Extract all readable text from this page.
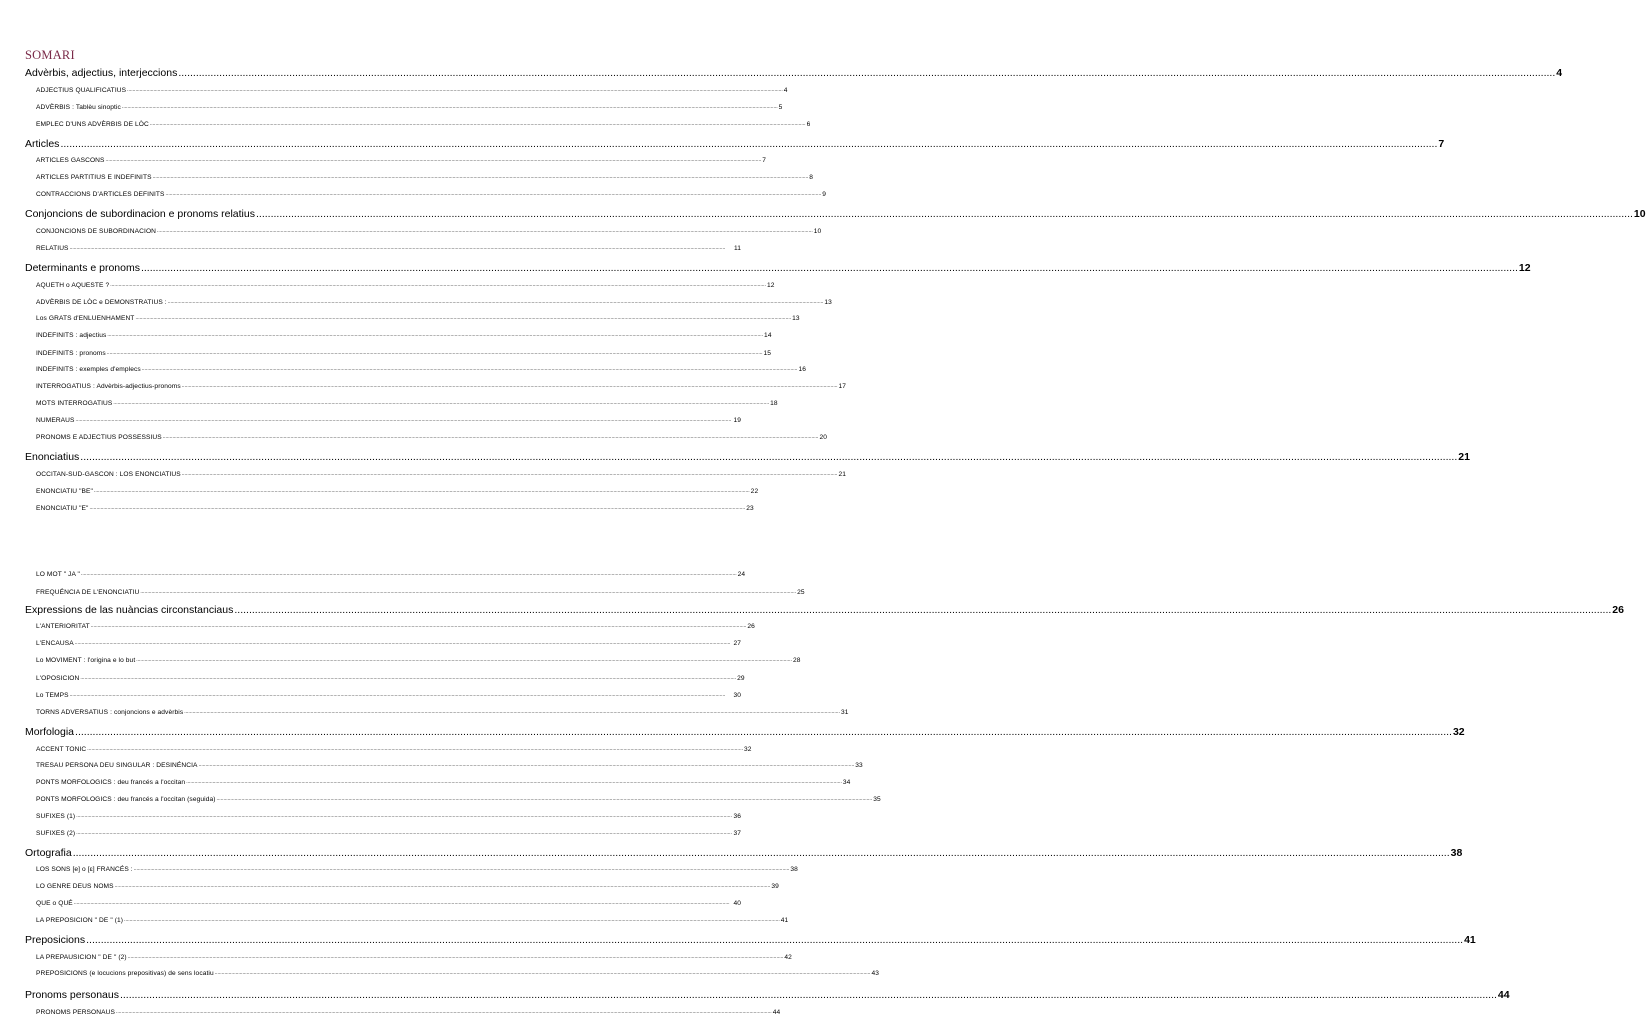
SOMARI
Advèrbis, adjectius, interjeccions .....	4
ADJECTIUS QUALIFICATIUS .....	4
ADVÈRBIS : Tablèu sinoptic .....	5
EMPLEC D'UNS ADVÈRBIS DE LÒC .....	6
Articles .....	7
ARTICLES GASCONS .....	7
ARTICLES PARTITIUS E INDEFINITS .....	8
CONTRACCIONS D'ARTICLES DEFINITS .....	9
Conjoncions de subordinacion e pronoms relatius .....	10
CONJONCIONS DE SUBORDINACION .....	10
RELATIUS .....	11
Determinants e pronoms .....	12
AQUETH o AQUESTE ? .....	12
ADVÈRBIS DE LÒC e DEMONSTRATIUS : .....	13
Los GRATS d'ENLUENHAMENT .....	13
INDEFINITS : adjectius .....	14
INDEFINITS : pronoms .....	15
INDEFINITS : exemples d'emplecs .....	16
INTERROGATIUS : Advèrbis-adjectius-pronoms .....	17
MOTS INTERROGATIUS .....	18
NUMERAUS .....	19
PRONOMS E ADJECTIUS POSSESSIUS .....	20
Enonciatius .....	21
OCCITAN-SUD-GASCON : LOS ENONCIATIUS .....	21
ENONCIATIU "BE" .....	22
ENONCIATIU "E" .....	23
LO MOT " JA " .....	24
FREQUÉNCIA DE L'ENONCIATIU .....	25
Expressions de las nuàncias circonstanciaus .....	26
L'ANTERIORITAT .....	26
L'ENCAUSA .....	27
Lo MOVIMENT : l'origina e lo but .....	28
L'OPOSICION .....	29
Lo TEMPS .....	30
TORNS ADVERSATIUS : conjoncions e advèrbis .....	31
Morfologia .....	32
ACCENT TONIC .....	32
TRESAU PERSONA DEU SINGULAR : DESINÉNCIA .....	33
PONTS MORFOLOGICS : deu francés a l'occitan .....	34
PONTS MORFOLOGICS : deu francés a l'occitan (seguida) .....	35
SUFIXES (1) .....	36
SUFIXES (2) .....	37
Ortografia .....	38
LOS SONS [e] o [ɛ] FRANCÉS : .....	38
LO GENRE DEUS NOMS .....	39
QUE o QUÉ .....	40
LA PREPOSICION " DE " (1) .....	41
Preposicions .....	41
LA PREPAUSICION " DE " (2) .....	42
PREPOSICIONS (e locucions prepositivas) de sens locatiu .....	43
Pronoms personaus .....	44
PRONOMS PERSONAUS .....	44
